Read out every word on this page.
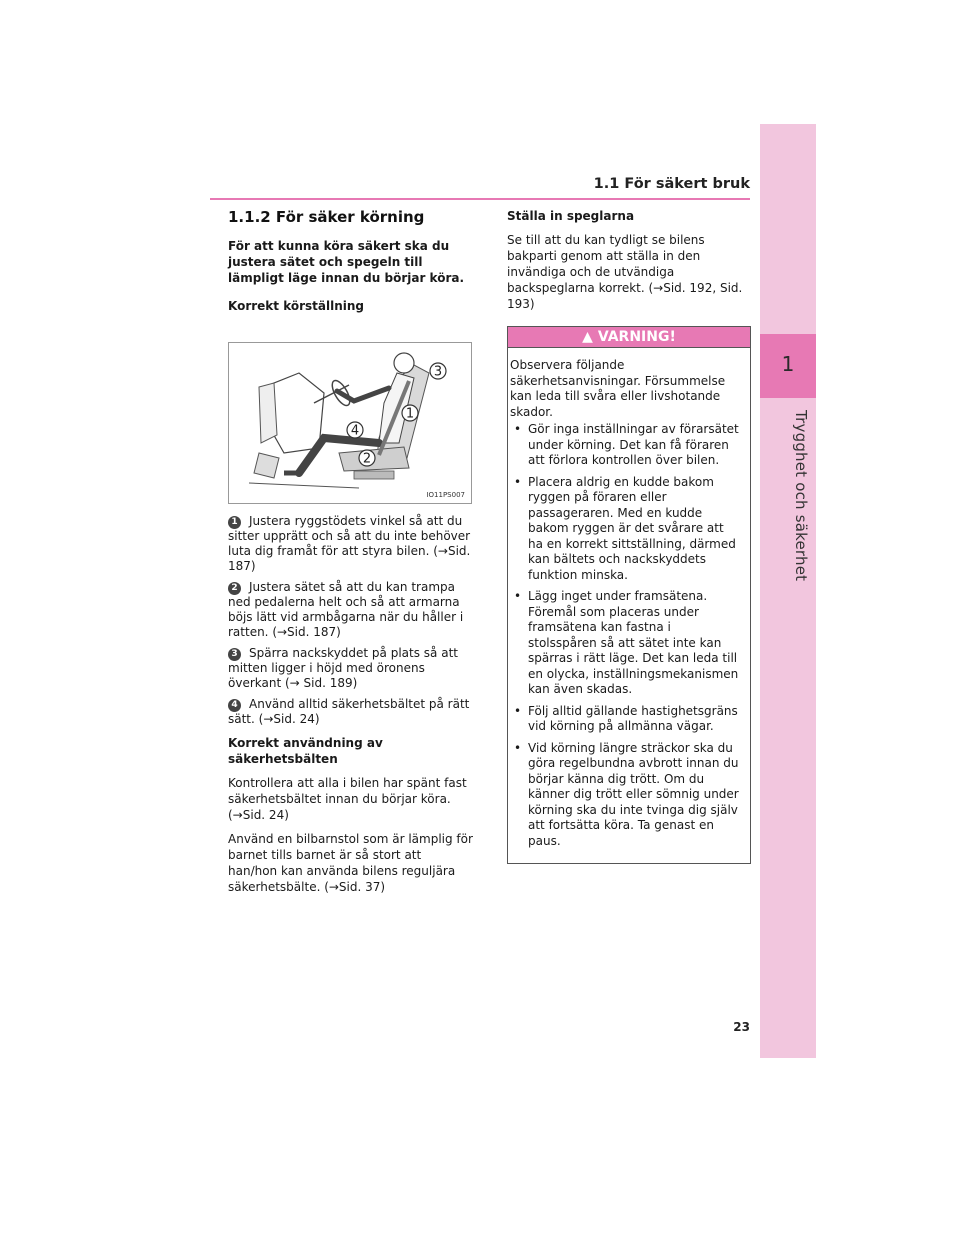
1
Trygghet och säkerhet
1.1 För säkert bruk
1.1.2 För säker körning
För att kunna köra säkert ska du justera sätet och spegeln till lämpligt läge innan du börjar köra.
Korrekt körställning
3
1
4
2
IO11PS007
1 Justera ryggstödets vinkel så att du sitter upprätt och så att du inte behöver luta dig framåt för att styra bilen. (→Sid. 187)
2 Justera sätet så att du kan trampa ned pedalerna helt och så att armarna böjs lätt vid armbågarna när du håller i ratten. (→Sid. 187)
3 Spärra nackskyddet på plats så att mitten ligger i höjd med öronens överkant (→ Sid. 189)
4 Använd alltid säkerhetsbältet på rätt sätt. (→Sid. 24)
Korrekt användning av säkerhetsbälten
Kontrollera att alla i bilen har spänt fast säkerhetsbältet innan du börjar köra. (→Sid. 24)
Använd en bilbarnstol som är lämplig för barnet tills barnet är så stort att han/hon kan använda bilens reguljära säkerhetsbälte. (→Sid. 37)
Ställa in speglarna
Se till att du kan tydligt se bilens bakparti genom att ställa in den invändiga och de utvändiga backspeglarna korrekt. (→Sid. 192, Sid. 193)
▲ VARNING!
Observera följande säkerhetsanvisningar. Försummelse kan leda till svåra eller livshotande skador.
• Gör inga inställningar av förarsätet under körning. Det kan få föraren att förlora kontrollen över bilen.
• Placera aldrig en kudde bakom ryggen på föraren eller passageraren. Med en kudde bakom ryggen är det svårare att ha en korrekt sittställning, därmed kan bältets och nackskyddets funktion minska.
• Lägg inget under framsätena. Föremål som placeras under framsätena kan fastna i stolsspåren så att sätet inte kan spärras i rätt läge. Det kan leda till en olycka, inställningsmekanismen kan även skadas.
• Följ alltid gällande hastighetsgräns vid körning på allmänna vägar.
• Vid körning längre sträckor ska du göra regelbundna avbrott innan du börjar känna dig trött. Om du känner dig trött eller sömnig under körning ska du inte tvinga dig själv att fortsätta köra. Ta genast en paus.
23
